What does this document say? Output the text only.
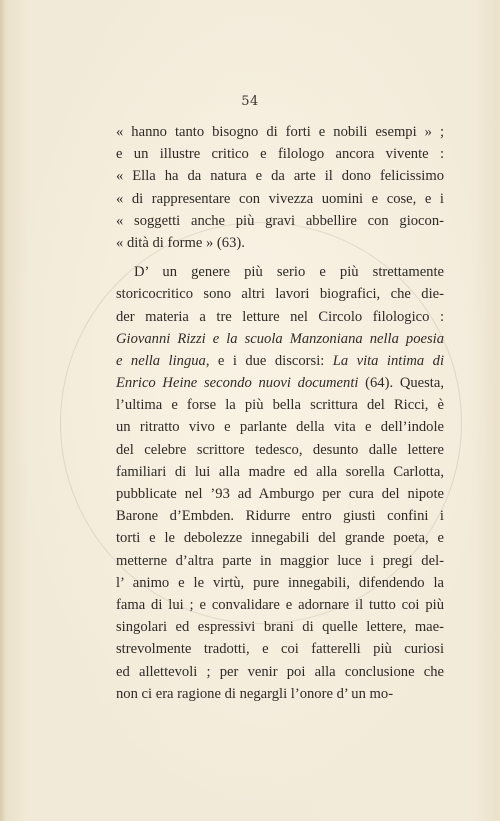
54
« hanno tanto bisogno di forti e nobili esempi » ;
e un illustre critico e filologo ancora vivente :
« Ella ha da natura e da arte il dono felicissimo
« di rappresentare con vivezza uomini e cose, e i
« soggetti anche più gravi abbellire con giocon-
« dità di forme » (63).
D’ un genere più serio e più strettamente
storicocritico sono altri lavori biografici, che die-
der materia a tre letture nel Circolo filologico :
Giovanni Rizzi e la scuola Manzoniana nella poesia
e nella lingua, e i due discorsi: La vita intima di
Enrico Heine secondo nuovi documenti (64). Questa,
l’ultima e forse la più bella scrittura del Ricci, è
un ritratto vivo e parlante della vita e dell’indole
del celebre scrittore tedesco, desunto dalle lettere
familiari di lui alla madre ed alla sorella Carlotta,
pubblicate nel ’93 ad Amburgo per cura del nipote
Barone d’Embden. Ridurre entro giusti confini i
torti e le debolezze innegabili del grande poeta, e
metterne d’altra parte in maggior luce i pregi del-
l’ animo e le virtù, pure innegabili, difendendo la
fama di lui ; e convalidare e adornare il tutto coi più
singolari ed espressivi brani di quelle lettere, mae-
strevolmente tradotti, e coi fatterelli più curiosi
ed allettevoli ; per venir poi alla conclusione che
non ci era ragione di negargli l’onore d’ un mo-
